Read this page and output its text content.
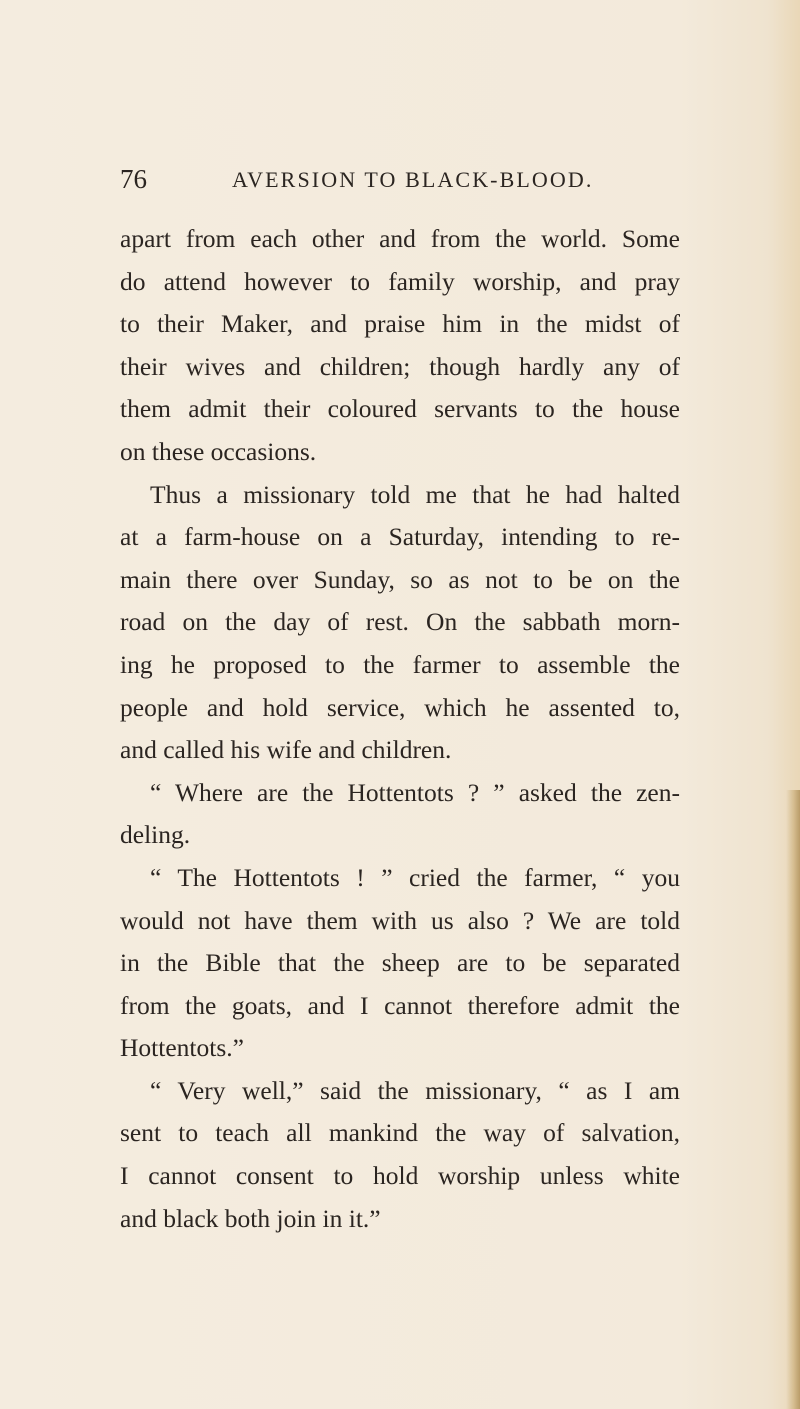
76	AVERSION TO BLACK-BLOOD.

apart from each other and from the world. Some
do attend however to family worship, and pray
to their Maker, and praise him in the midst of
their wives and children; though hardly any of
them admit their coloured servants to the house
on these occasions.

Thus a missionary told me that he had halted
at a farm-house on a Saturday, intending to re-
main there over Sunday, so as not to be on the
road on the day of rest. On the sabbath morn-
ing he proposed to the farmer to assemble the
people and hold service, which he assented to,
and called his wife and children.

“ Where are the Hottentots ? ” asked the zen-
deling.

“ The Hottentots ! ” cried the farmer, “ you
would not have them with us also ? We are told
in the Bible that the sheep are to be separated
from the goats, and I cannot therefore admit the
Hottentots.”

“ Very well,” said the missionary, “ as I am
sent to teach all mankind the way of salvation,
I cannot consent to hold worship unless white
and black both join in it.”
